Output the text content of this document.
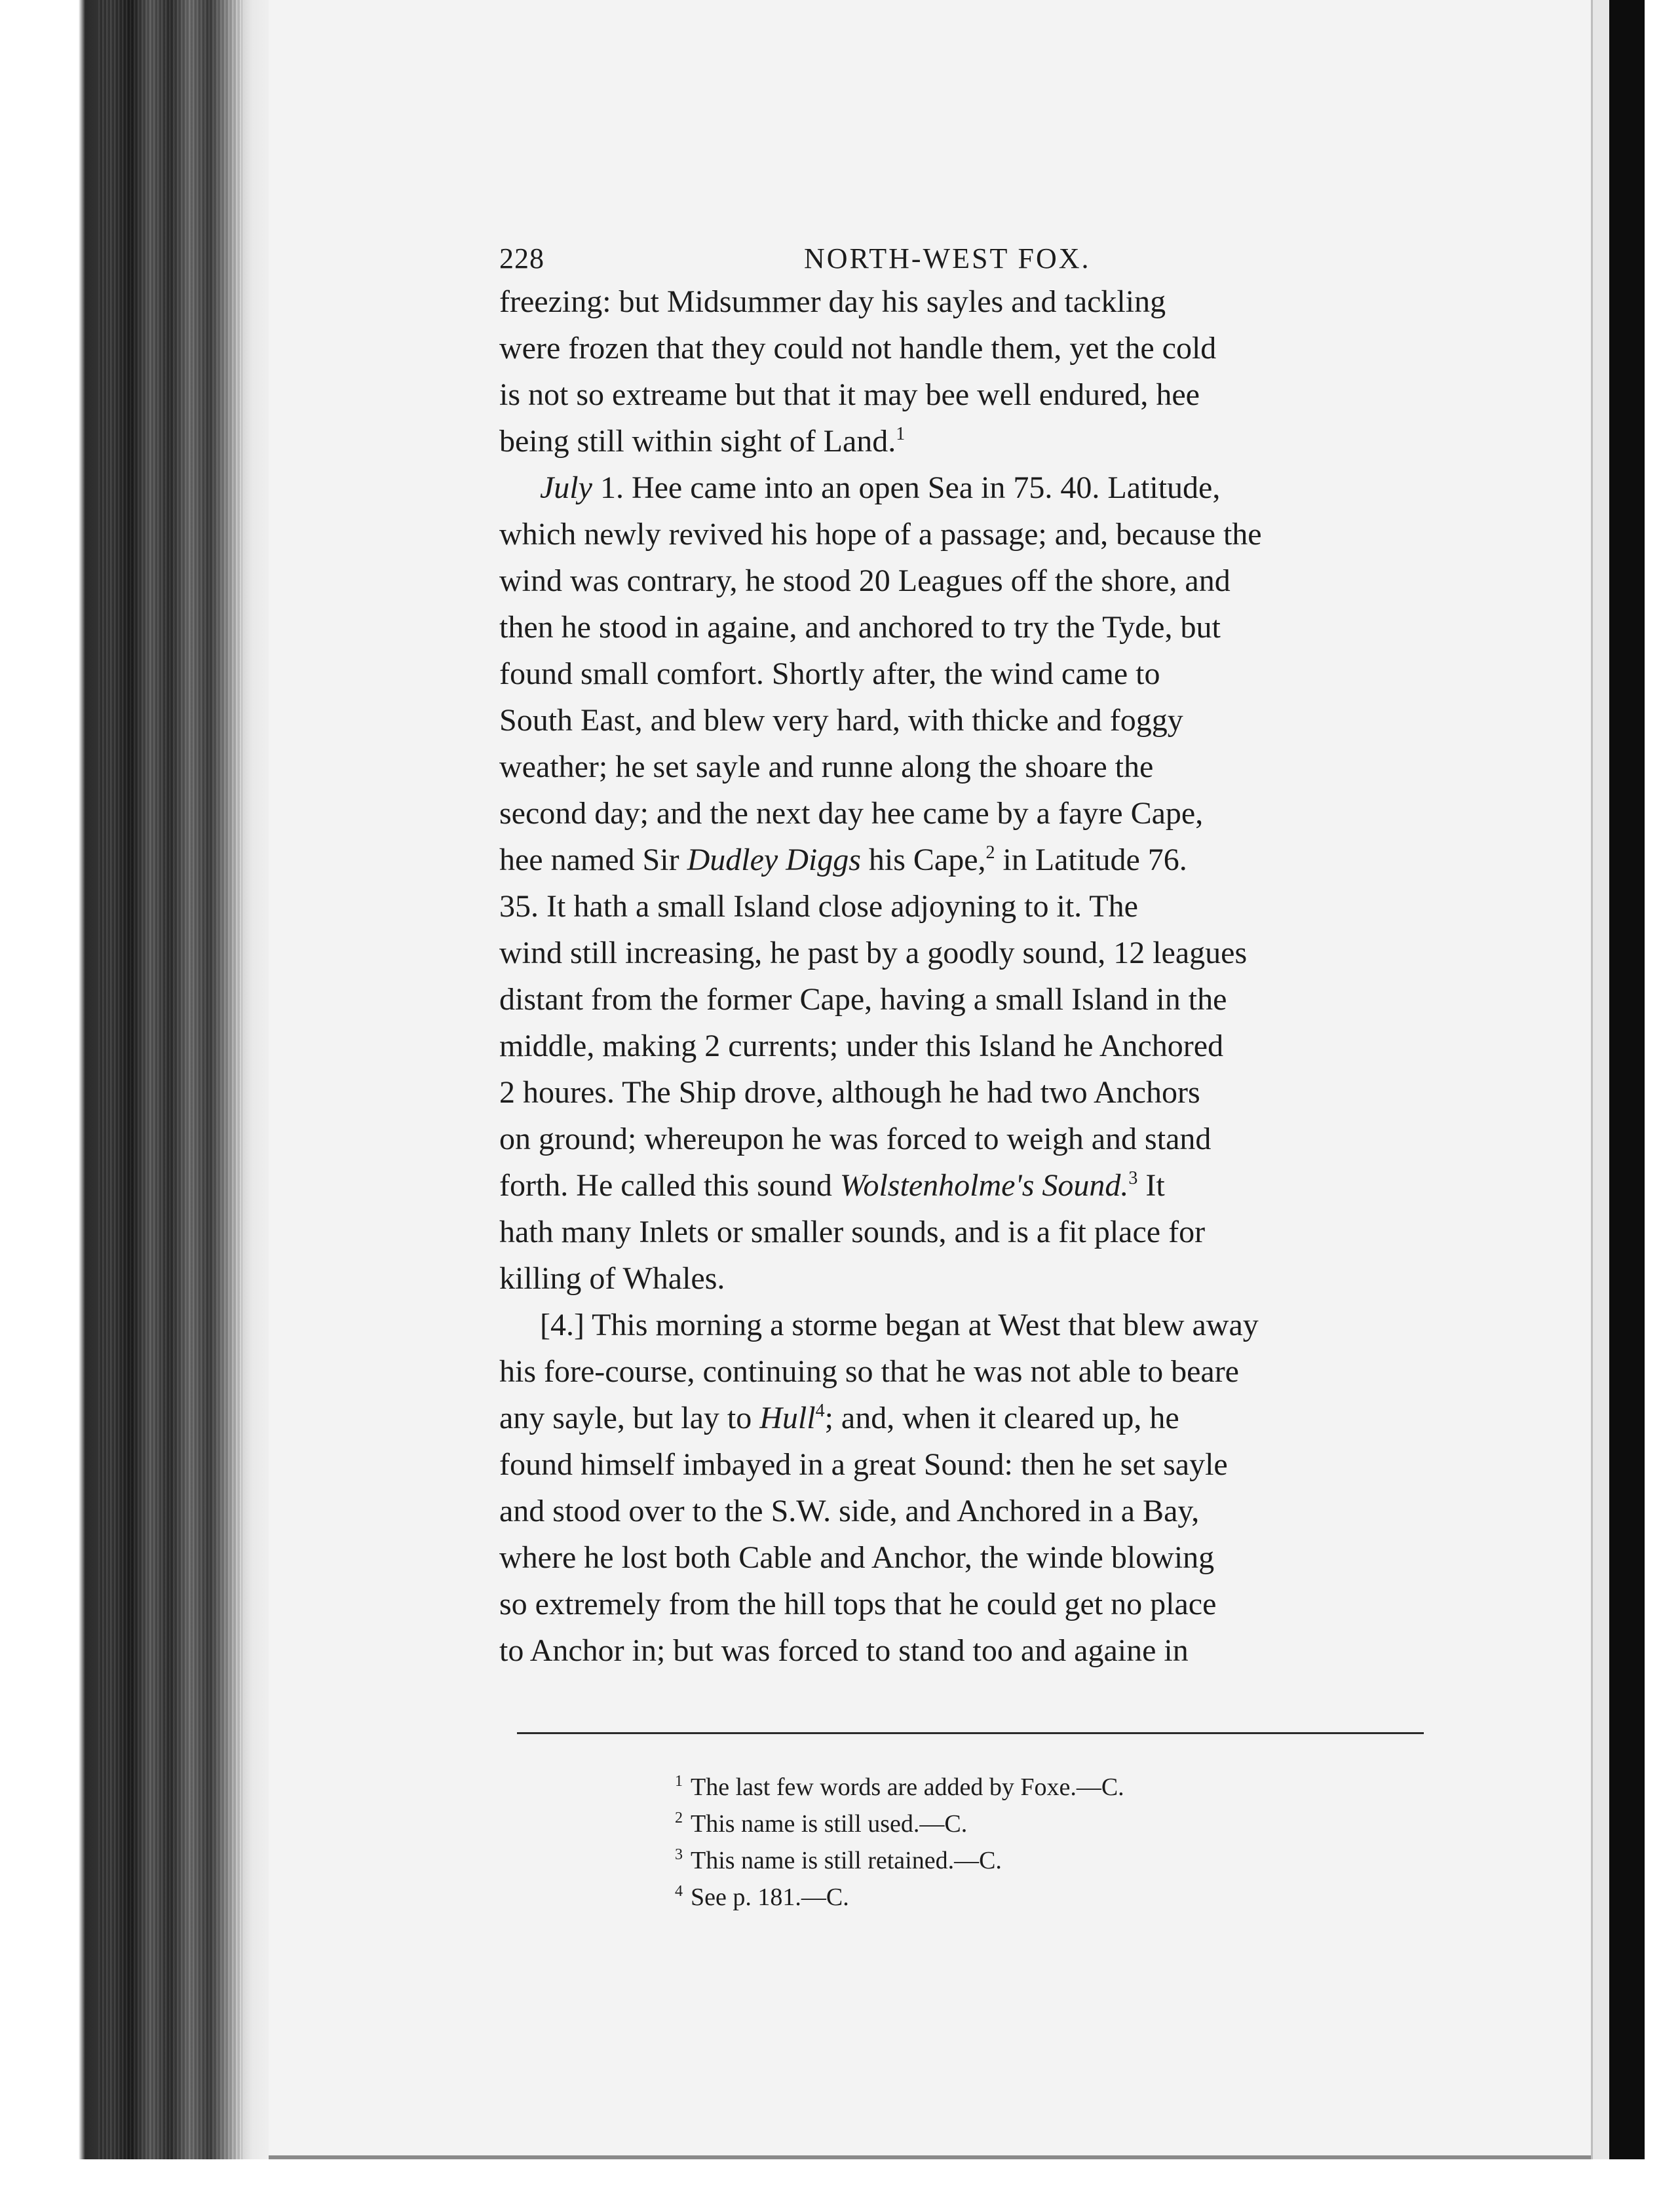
228	NORTH-WEST FOX.

freezing: but Midsummer day his sayles and tackling
were frozen that they could not handle them, yet the cold
is not so extreame but that it may bee well endured, hee
being still within sight of Land.$^1$

July 1. Hee came into an open Sea in 75. 40. Latitude,
which newly revived his hope of a passage; and, because the
wind was contrary, he stood 20 Leagues off the shore, and
then he stood in againe, and anchored to try the Tyde, but
found small comfort. Shortly after, the wind came to
South East, and blew very hard, with thicke and foggy
weather; he set sayle and runne along the shoare the
second day; and the next day hee came by a fayre Cape,
hee named Sir Dudley Diggs his Cape,$^2$ in Latitude 76.
35. It hath a small Island close adjoyning to it. The
wind still increasing, he past by a goodly sound, 12 leagues
distant from the former Cape, having a small Island in the
middle, making 2 currents; under this Island he Anchored
2 houres. The Ship drove, although he had two Anchors
on ground; whereupon he was forced to weigh and stand
forth. He called this sound Wolstenholme's Sound.$^3$ It
hath many Inlets or smaller sounds, and is a fit place for
killing of Whales.

[4.] This morning a storme began at West that blew away
his fore-course, continuing so that he was not able to beare
any sayle, but lay to Hull$^4$; and, when it cleared up, he
found himself imbayed in a great Sound: then he set sayle
and stood over to the S.W. side, and Anchored in a Bay,
where he lost both Cable and Anchor, the winde blowing
so extremely from the hill tops that he could get no place
to Anchor in; but was forced to stand too and againe in

$^1$ The last few words are added by Foxe.—C.
$^2$ This name is still used.—C.
$^3$ This name is still retained.—C.
$^4$ See p. 181.—C.
